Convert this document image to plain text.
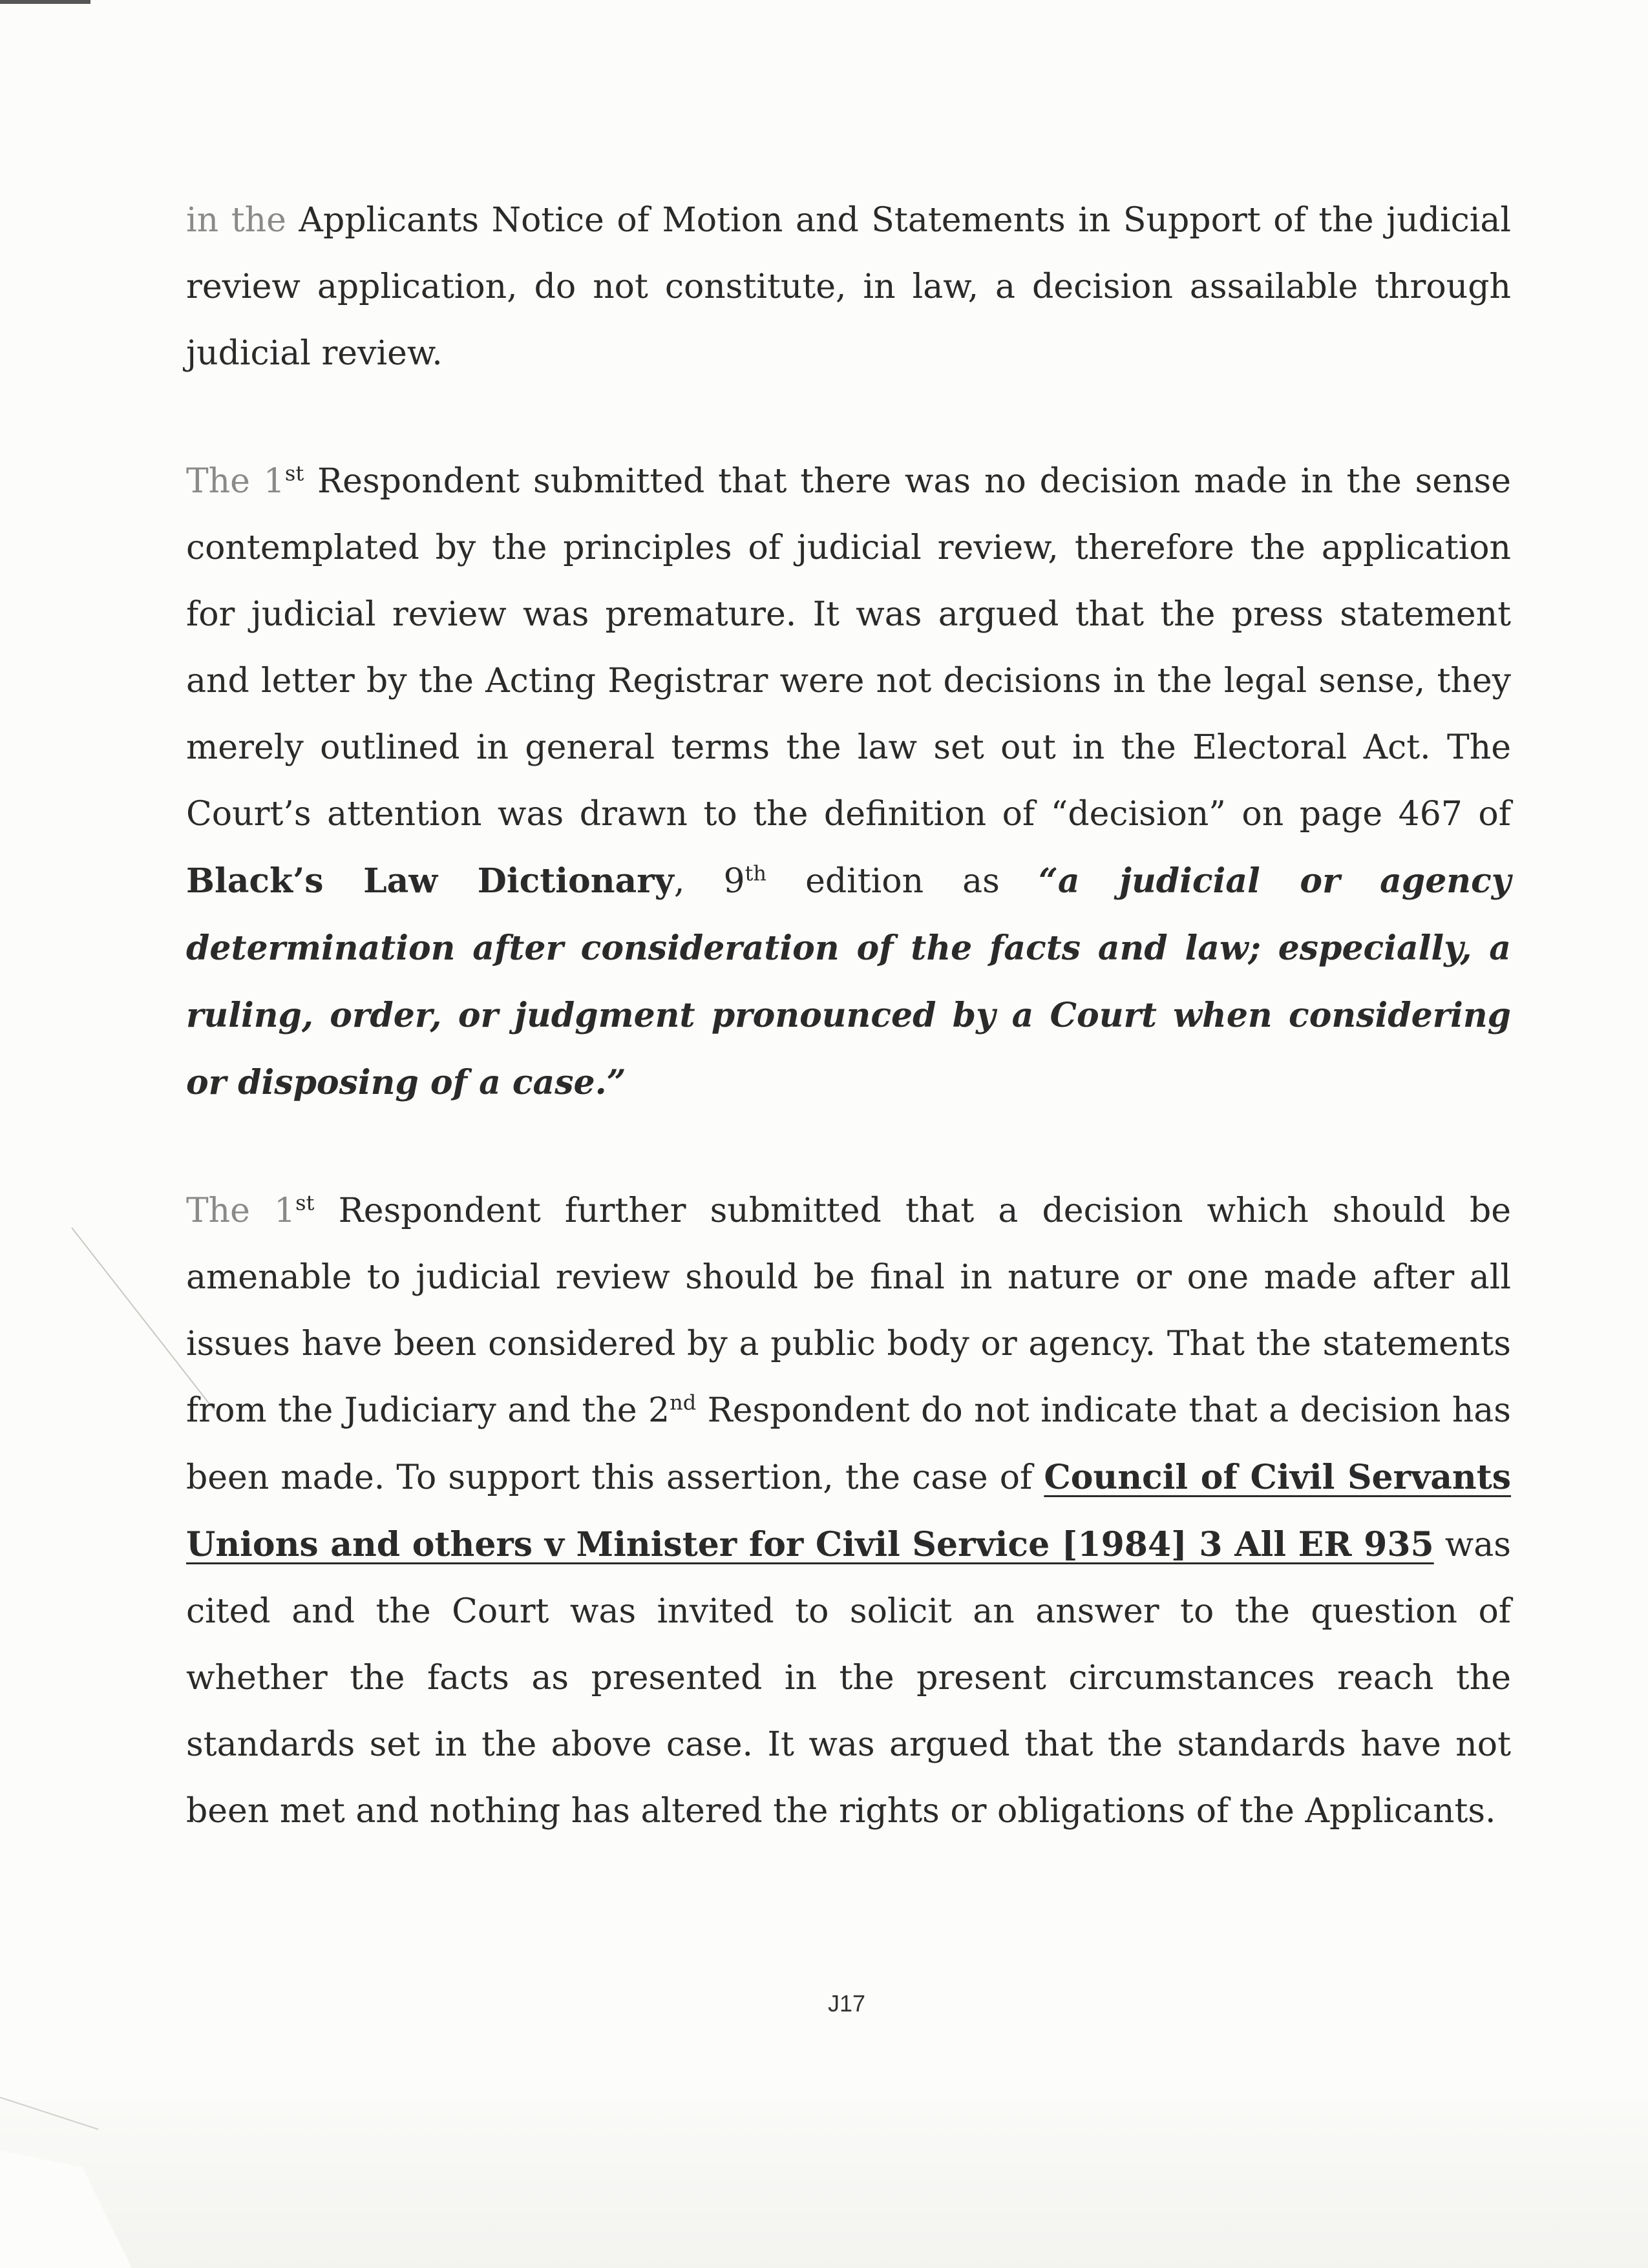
in the Applicants Notice of Motion and Statements in Support of the judicial review application, do not constitute, in law, a decision assailable through judicial review.

The 1st Respondent submitted that there was no decision made in the sense contemplated by the principles of judicial review, therefore the application for judicial review was premature. It was argued that the press statement and letter by the Acting Registrar were not decisions in the legal sense, they merely outlined in general terms the law set out in the Electoral Act. The Court’s attention was drawn to the definition of “decision” on page 467 of Black’s Law Dictionary, 9th edition as “a judicial or agency determination after consideration of the facts and law; especially, a ruling, order, or judgment pronounced by a Court when considering or disposing of a case.”

The 1st Respondent further submitted that a decision which should be amenable to judicial review should be final in nature or one made after all issues have been considered by a public body or agency. That the statements from the Judiciary and the 2nd Respondent do not indicate that a decision has been made. To support this assertion, the case of Council of Civil Servants Unions and others v Minister for Civil Service [1984] 3 All ER 935 was cited and the Court was invited to solicit an answer to the question of whether the facts as presented in the present circumstances reach the standards set in the above case. It was argued that the standards have not been met and nothing has altered the rights or obligations of the Applicants.

J17
